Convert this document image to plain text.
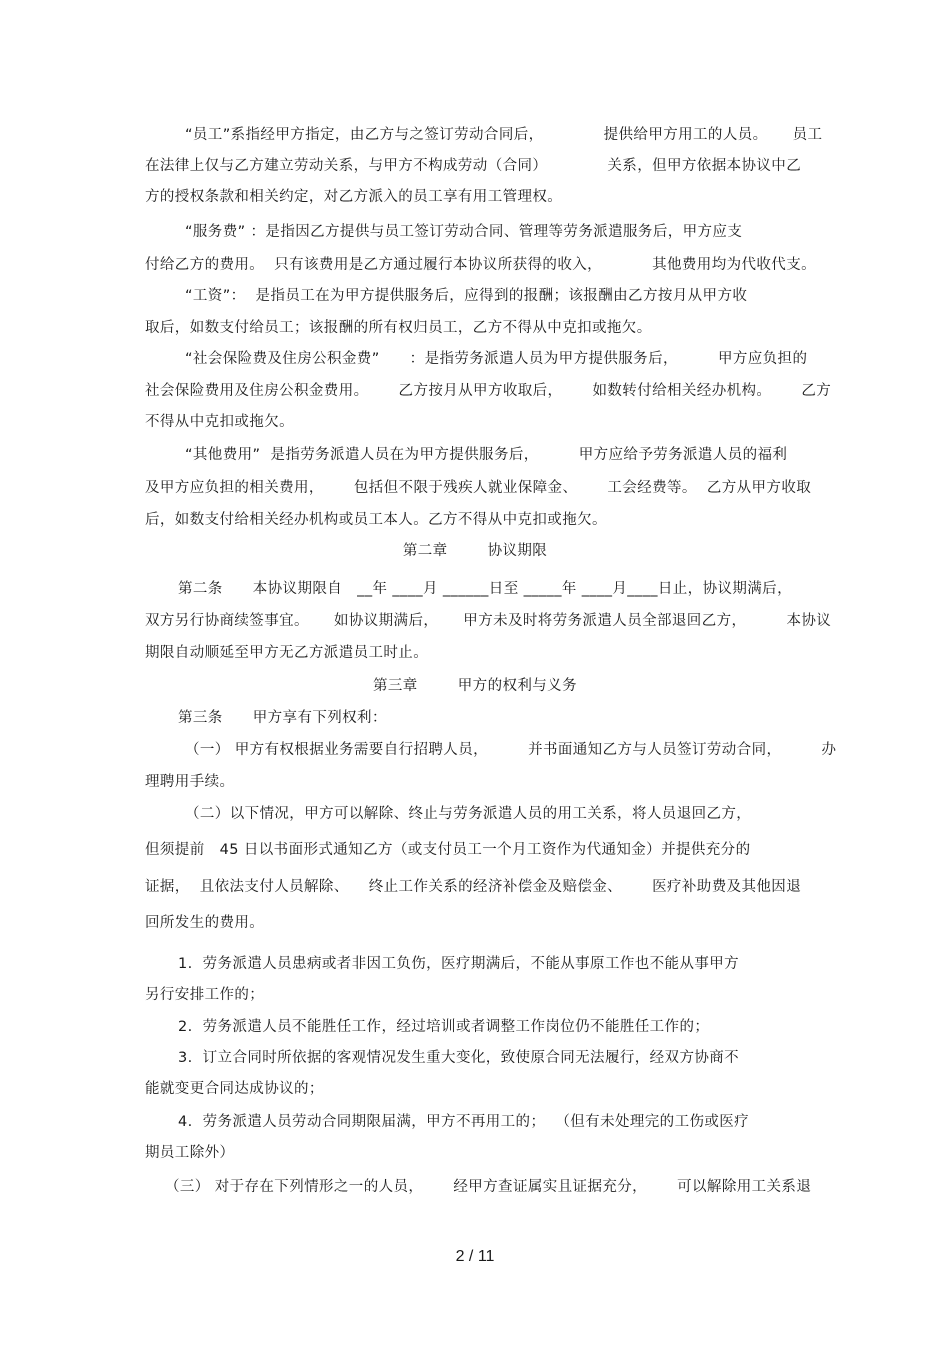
“员工”系指经甲方指定，由乙方与之签订劳动合同后，            提供给甲方用工的人员。     员工

在法律上仅与乙方建立劳动关系，与甲方不构成劳动（合同）            关系，但甲方依据本协议中乙

方的授权条款和相关约定，对乙方派入的员工享有用工管理权。

“服务费” ：是指因乙方提供与员工签订劳动合同、管理等劳务派遣服务后，甲方应支

付给乙方的费用。  只有该费用是乙方通过履行本协议所获得的收入，          其他费用均为代收代支。

“工资”：  是指员工在为甲方提供服务后，应得到的报酬；该报酬由乙方按月从甲方收

取后，如数支付给员工；该报酬的所有权归员工，乙方不得从中克扣或拖欠。

“社会保险费及住房公积金费”      ：是指劳务派遣人员为甲方提供服务后，        甲方应负担的

社会保险费用及住房公积金费用。      乙方按月从甲方收取后，      如数转付给相关经办机构。      乙方

不得从中克扣或拖欠。

“其他费用”  是指劳务派遣人员在为甲方提供服务后，        甲方应给予劳务派遣人员的福利

及甲方应负担的相关费用，      包括但不限于残疾人就业保障金、      工会经费等。  乙方从甲方收取

后，如数支付给相关经办机构或员工本人。乙方不得从中克扣或拖欠。

第二章        协议期限

第二条      本协议期限自   __年 ____月 ______日至 _____年 ____月____日止，协议期满后，

双方另行协商续签事宜。     如协议期满后，     甲方未及时将劳务派遣人员全部退回乙方，        本协议

期限自动顺延至甲方无乙方派遣员工时止。

第三章        甲方的权利与义务

第三条      甲方享有下列权利：

（一） 甲方有权根据业务需要自行招聘人员，        并书面通知乙方与人员签订劳动合同，        办

理聘用手续。

（二）以下情况，甲方可以解除、终止与劳务派遣人员的用工关系，将人员退回乙方，

但须提前   45 日以书面形式通知乙方（或支付员工一个月工资作为代通知金）并提供充分的

证据，  且依法支付人员解除、    终止工作关系的经济补偿金及赔偿金、      医疗补助费及其他因退

回所发生的费用。

1.  劳务派遣人员患病或者非因工负伤，医疗期满后，不能从事原工作也不能从事甲方

另行安排工作的；

2.  劳务派遣人员不能胜任工作，经过培训或者调整工作岗位仍不能胜任工作的；

3.  订立合同时所依据的客观情况发生重大变化，致使原合同无法履行，经双方协商不

能就变更合同达成协议的；

4.  劳务派遣人员劳动合同期限届满，甲方不再用工的；  （但有未处理完的工伤或医疗

期员工除外）

（三） 对于存在下列情形之一的人员，      经甲方查证属实且证据充分，      可以解除用工关系退

2 / 11
